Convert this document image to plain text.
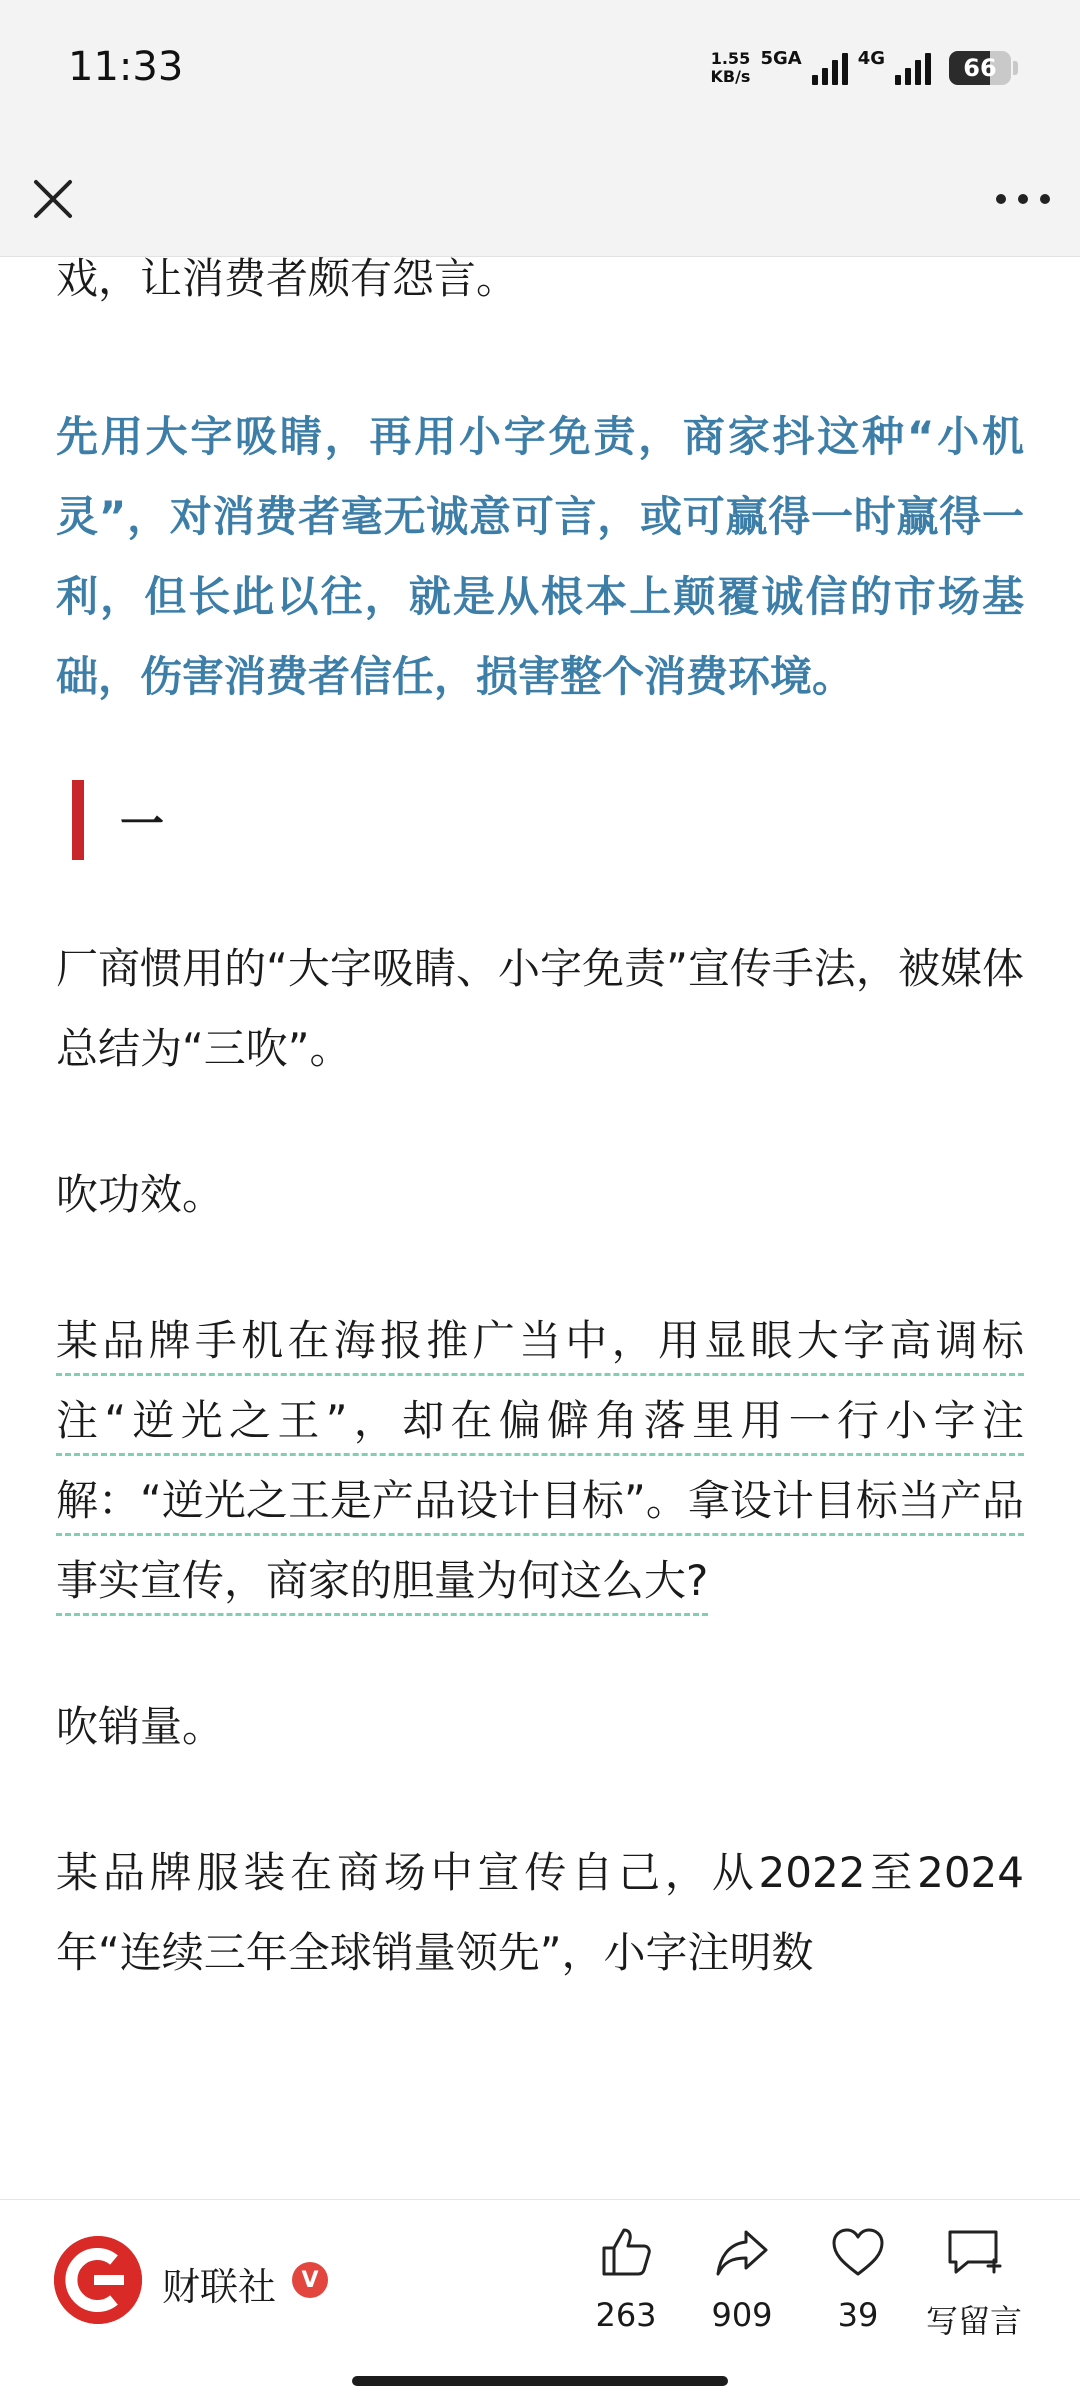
11:33	1.55
KB/s
5GA	4G	66

戏，让消费者颇有怨言。

先用大字吸睛，再用小字免责，商家抖这种“小机灵”，对消费者毫无诚意可言，或可赢得一时赢得一利，但长此以往，就是从根本上颠覆诚信的市场基础，伤害消费者信任，损害整个消费环境。

一

厂商惯用的“大字吸睛、小字免责”宣传手法，被媒体总结为“三吹”。

吹功效。

某品牌手机在海报推广当中，用显眼大字高调标注“逆光之王”，却在偏僻角落里用一行小字注解：“逆光之王是产品设计目标”。拿设计目标当产品事实宣传，商家的胆量为何这么大?

吹销量。

某品牌服装在商场中宣传自己，从2022至2024年“连续三年全球销量领先”，小字注明数

财联社	V
263 909 39 写留言
